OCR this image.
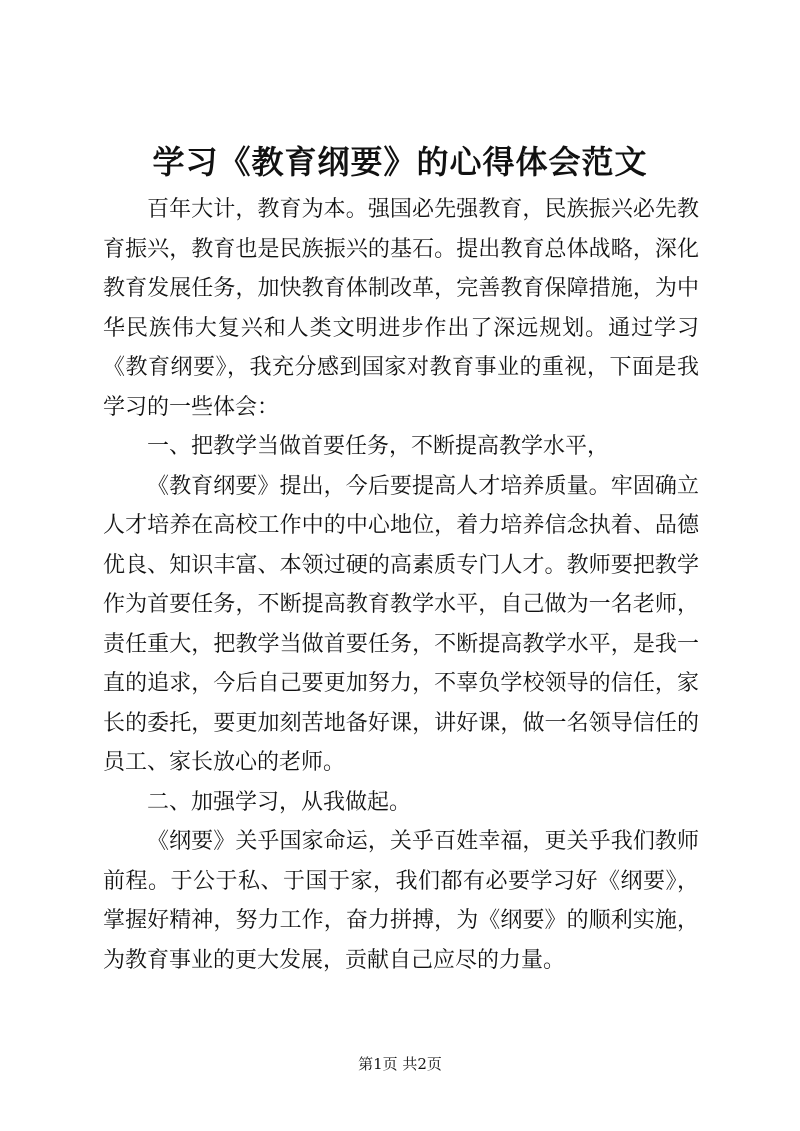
学习《教育纲要》的心得体会范文

百年大计，教育为本。强国必先强教育，民族振兴必先教育振兴，教育也是民族振兴的基石。提出教育总体战略，深化教育发展任务，加快教育体制改革，完善教育保障措施，为中华民族伟大复兴和人类文明进步作出了深远规划。通过学习《教育纲要》，我充分感到国家对教育事业的重视，下面是我学习的一些体会：

一、把教学当做首要任务，不断提高教学水平，

《教育纲要》提出，今后要提高人才培养质量。牢固确立人才培养在高校工作中的中心地位，着力培养信念执着、品德优良、知识丰富、本领过硬的高素质专门人才。教师要把教学作为首要任务，不断提高教育教学水平，自己做为一名老师，责任重大，把教学当做首要任务，不断提高教学水平，是我一直的追求，今后自己要更加努力，不辜负学校领导的信任，家长的委托，要更加刻苦地备好课，讲好课，做一名领导信任的员工、家长放心的老师。

二、加强学习，从我做起。

《纲要》关乎国家命运，关乎百姓幸福，更关乎我们教师前程。于公于私、于国于家，我们都有必要学习好《纲要》，掌握好精神，努力工作，奋力拼搏，为《纲要》的顺利实施，为教育事业的更大发展，贡献自己应尽的力量。

第1页 共2页
